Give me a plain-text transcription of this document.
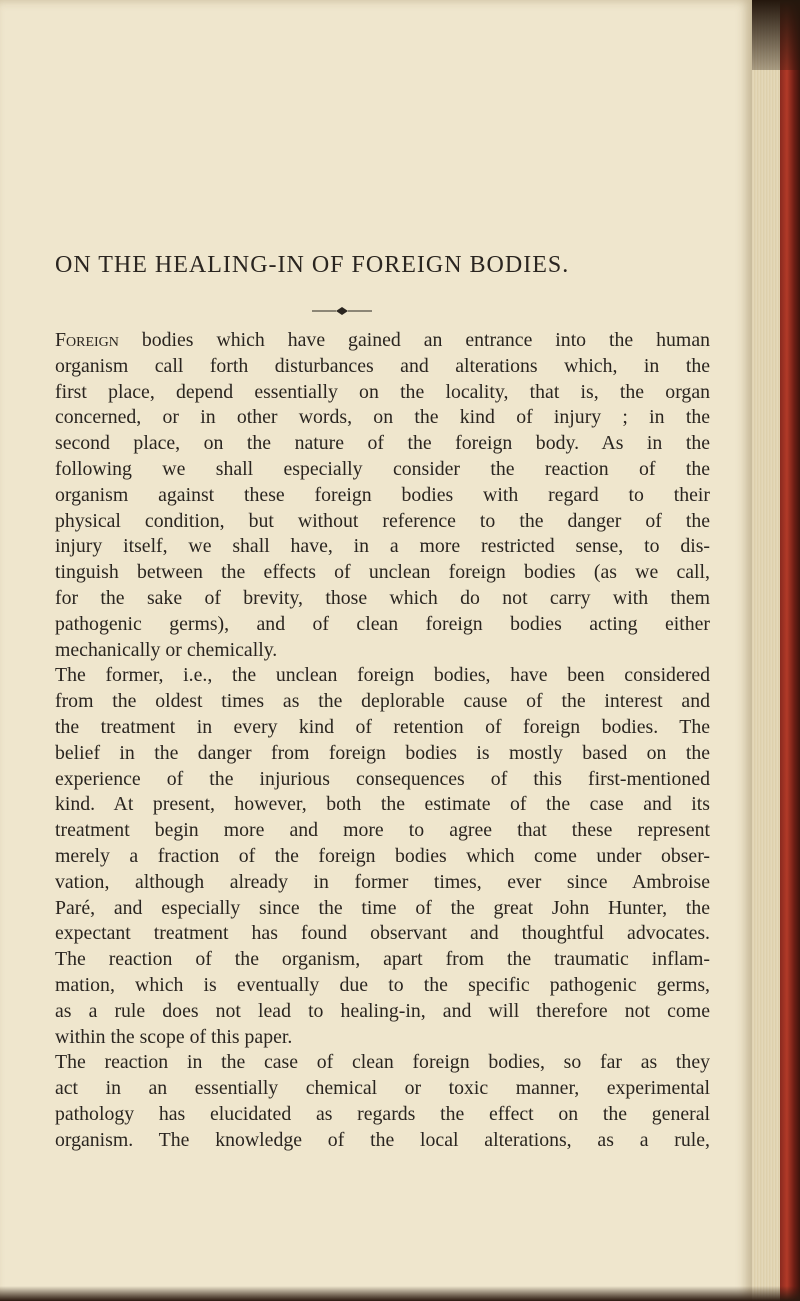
ON THE HEALING-IN OF FOREIGN BODIES.
Foreign bodies which have gained an entrance into the human
organism call forth disturbances and alterations which, in the
first place, depend essentially on the locality, that is, the organ
concerned, or in other words, on the kind of injury ; in the
second place, on the nature of the foreign body. As in the
following we shall especially consider the reaction of the
organism against these foreign bodies with regard to their
physical condition, but without reference to the danger of the
injury itself, we shall have, in a more restricted sense, to dis-
tinguish between the effects of unclean foreign bodies (as we call,
for the sake of brevity, those which do not carry with them
pathogenic germs), and of clean foreign bodies acting either
mechanically or chemically.
The former, i.e., the unclean foreign bodies, have been considered
from the oldest times as the deplorable cause of the interest and
the treatment in every kind of retention of foreign bodies. The
belief in the danger from foreign bodies is mostly based on the
experience of the injurious consequences of this first-mentioned
kind. At present, however, both the estimate of the case and its
treatment begin more and more to agree that these represent
merely a fraction of the foreign bodies which come under obser-
vation, although already in former times, ever since Ambroise
Paré, and especially since the time of the great John Hunter, the
expectant treatment has found observant and thoughtful advocates.
The reaction of the organism, apart from the traumatic inflam-
mation, which is eventually due to the specific pathogenic germs,
as a rule does not lead to healing-in, and will therefore not come
within the scope of this paper.
The reaction in the case of clean foreign bodies, so far as they
act in an essentially chemical or toxic manner, experimental
pathology has elucidated as regards the effect on the general
organism. The knowledge of the local alterations, as a rule,
